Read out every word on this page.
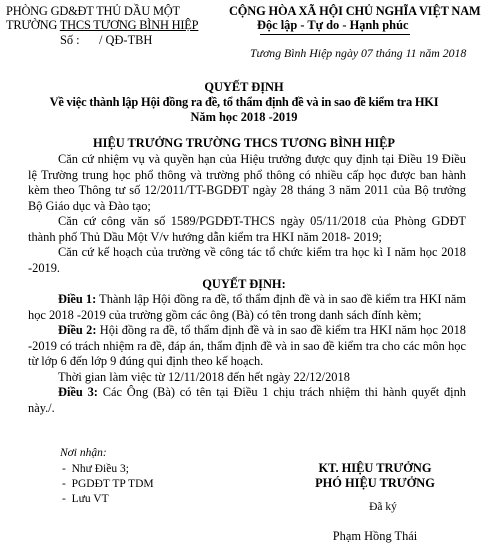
PHÒNG GD&ĐT THỦ DẦU MỘT
TRƯỜNG THCS TƯƠNG BÌNH HIỆP
Số : / QĐ-TBH
CỘNG HÒA XÃ HỘI CHỦ NGHĨA VIỆT NAM
Độc lập - Tự do - Hạnh phúc
Tương Bình Hiệp ngày 07 tháng 11 năm 2018
QUYẾT ĐỊNH
Về việc thành lập Hội đồng ra đề, tổ thẩm định đề và in sao đề kiểm tra HKI
Năm học 2018 -2019
HIỆU TRƯỞNG TRƯỜNG THCS TƯƠNG BÌNH HIỆP

Căn cứ nhiệm vụ và quyền hạn của Hiệu trưởng được quy định tại Điều 19 Điều lệ Trường trung học phổ thông và trường phổ thông có nhiều cấp học được ban hành kèm theo Thông tư số 12/2011/TT-BGDĐT ngày 28 tháng 3 năm 2011 của Bộ trưởng Bộ Giáo dục và Đào tạo;

Căn cứ công văn số 1589/PGDĐT-THCS ngày 05/11/2018 của Phòng GDĐT thành phố Thủ Dầu Một V/v hướng dẫn kiểm tra HKI năm 2018- 2019;

Căn cứ kế hoạch của trường về công tác tổ chức kiểm tra học kì I năm học 2018 -2019.

QUYẾT ĐỊNH:

Điều 1: Thành lập Hội đồng ra đề, tổ thẩm định đề và in sao đề kiểm tra HKI năm học 2018 -2019 của trường gồm các ông (Bà) có tên trong danh sách đính kèm;

Điều 2: Hội đồng ra đề, tổ thẩm định đề và in sao đề kiểm tra HKI năm học 2018 -2019 có trách nhiệm ra đề, đáp án, thẩm định đề và in sao đề kiểm tra cho các môn học từ lớp 6 đến lớp 9 đúng qui định theo kế hoạch.

Thời gian làm việc từ 12/11/2018 đến hết ngày 22/12/2018

Điều 3: Các Ông (Bà) có tên tại Điều 1 chịu trách nhiệm thi hành quyết định này./.

Nơi nhận:
-  Như Điều 3;
-  PGDĐT TP TDM
-  Lưu VT
KT. HIỆU TRƯỞNG
PHÓ HIỆU TRƯỞNG
Đã ký
Phạm Hồng Thái
